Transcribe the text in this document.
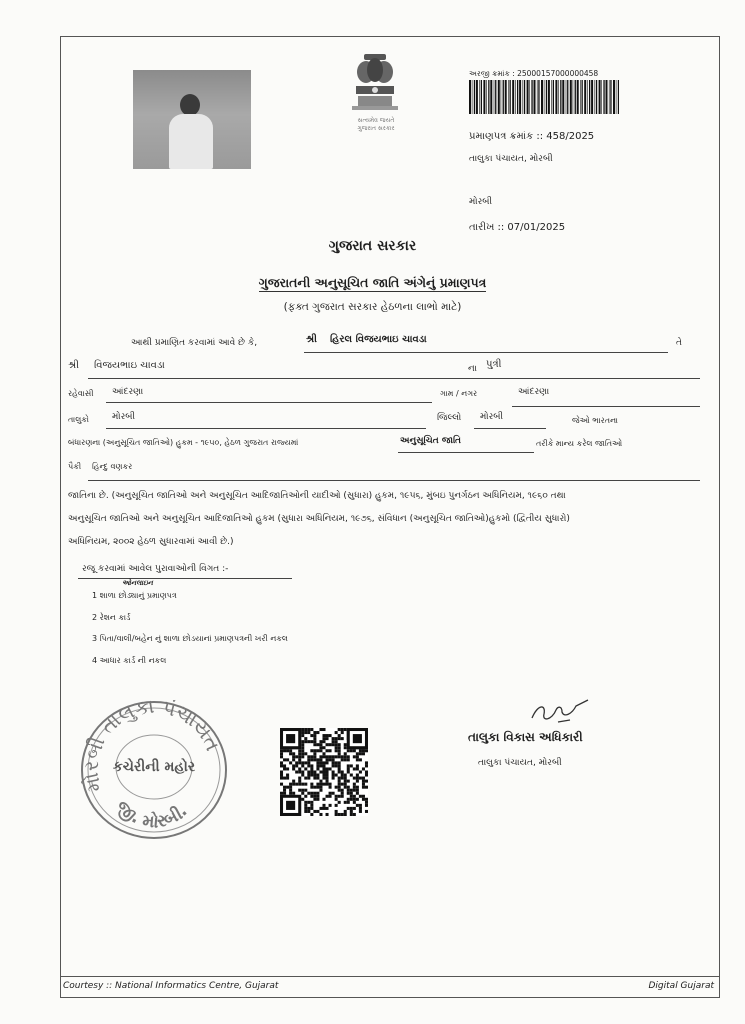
સત્યમેવ જયતે
ગુજરાત સરકાર
અરજી ક્રમાંક : 25000157000000458
પ્રમાણપત્ર ક્રમાંક :: 458/2025
તાલુકા પંચાયત, મોરબી
મોરબી
તારીખ :: 07/01/2025
ગુજરાત સરકાર
ગુજરાતની અનુસૂચિત જાતિ અંગેનું પ્રમાણપત્ર
(ફક્ત ગુજરાત સરકાર હેઠળના લાભો માટે)
આથી પ્રમાણિત કરવામાં આવે છે કે,	શ્રી હિરલ વિજયભાઇ ચાવડા	તે
શ્રી વિજયભાઇ ચાવડા	ના પુત્રી
રહેવાસી આંદરણા	ગામ / નગર	આંદરણા
તાલુકો	મોરબી	જિલ્લો મોરબી	જેઓ ભારતના
બંધારણના (અનુસૂચિત જાતિઓ) હુકમ - ૧૯૫૦, હેઠળ ગુજરાત રાજ્યમાં	અનુસૂચિત જાતિ	તરીકે માન્ય કરેલ જાતિઓ
પૈકી હિન્દુ વણકર
જાતિના છે. (અનુસૂચિત જાતિઓ અને અનુસૂચિત આદિજાતિઓની યાદીઓ (સુધારા) હુકમ, ૧૯૫૬, મુંબઇ પુનર્ગઠન અધિનિયમ, ૧૯૬૦ તથા
અનુસૂચિત જાતિઓ અને અનુસૂચિત આદિજાતિઓ હુકમ (સુધારા અધિનિયમ, ૧૯૭૬, સંવિધાન (અનુસૂચિત જાતિઓ)હુકમો (દ્વિતીય સુધારો)
અધિનિયમ, ૨૦૦૨ હેઠળ સુધારવામાં આવી છે.)
રજૂ કરવામાં આવેલ પુરાવાઓની વિગત :-
ઓનલાઇન
1 શાળા છોડ્યાનું પ્રમાણપત્ર
2 રેશન કાર્ડ
3 પિતા/વાલી/બહેન નું શાળા છોડયાનાં પ્રમાણપત્રની ખરી નકલ
4 આધાર કાર્ડ ની નકલ
મોરબી તાલુકા પંચાયત
જી. મોરબી.
કચેરીની મહોર
તાલુકા વિકાસ અધિકારી
તાલુકા પંચાયત, મોરબી
Courtesy :: National Informatics Centre, Gujarat	Digital Gujarat
